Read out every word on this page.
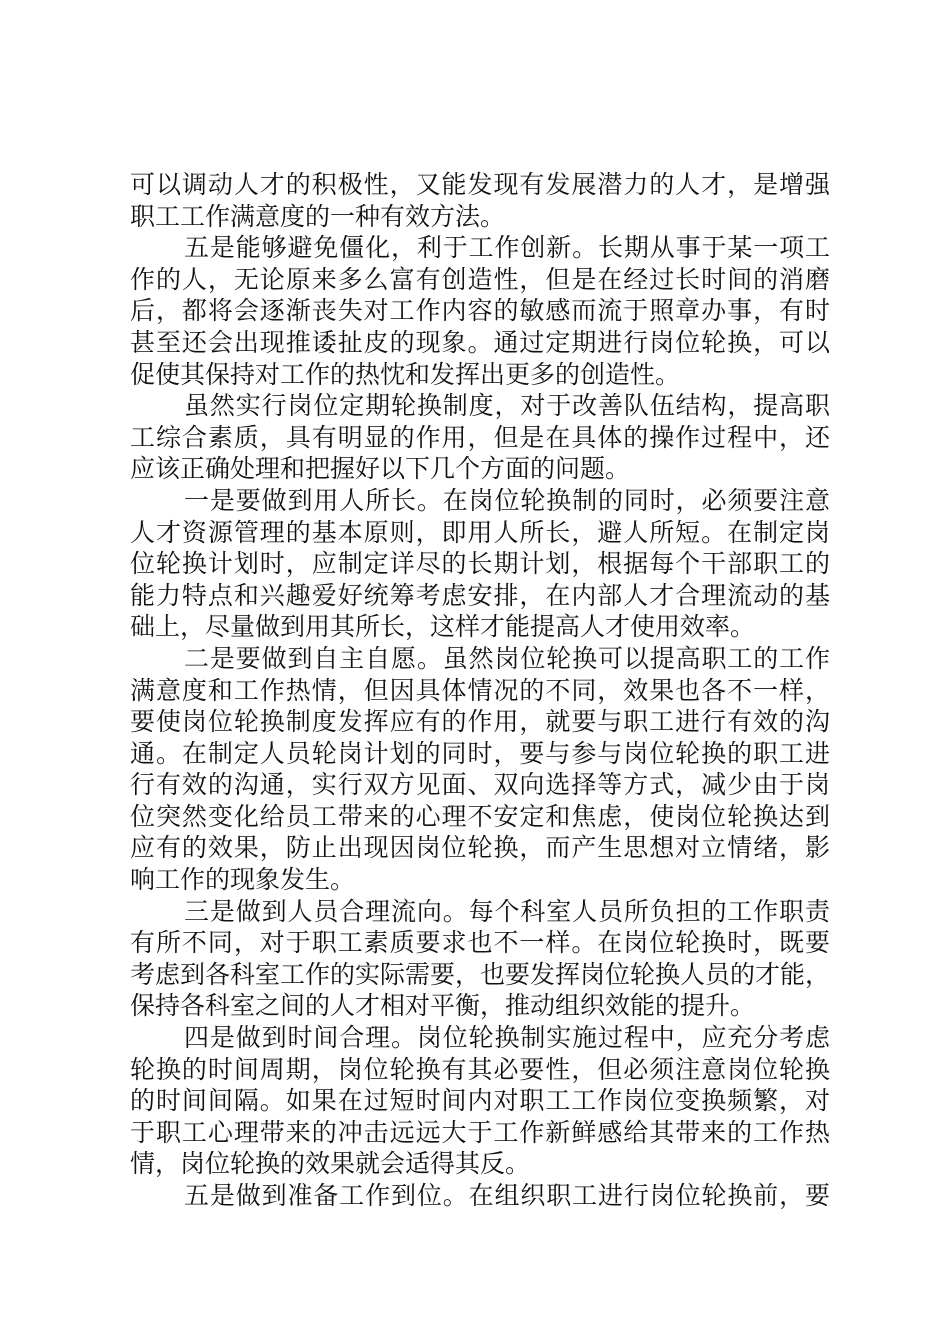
可以调动人才的积极性，又能发现有发展潜力的人才，是增强
职工工作满意度的一种有效方法。
五是能够避免僵化，利于工作创新。长期从事于某一项工
作的人，无论原来多么富有创造性，但是在经过长时间的消磨
后，都将会逐渐丧失对工作内容的敏感而流于照章办事，有时
甚至还会出现推诿扯皮的现象。通过定期进行岗位轮换，可以
促使其保持对工作的热忱和发挥出更多的创造性。
虽然实行岗位定期轮换制度，对于改善队伍结构，提高职
工综合素质，具有明显的作用，但是在具体的操作过程中，还
应该正确处理和把握好以下几个方面的问题。
一是要做到用人所长。在岗位轮换制的同时，必须要注意
人才资源管理的基本原则，即用人所长，避人所短。在制定岗
位轮换计划时，应制定详尽的长期计划，根据每个干部职工的
能力特点和兴趣爱好统筹考虑安排，在内部人才合理流动的基
础上，尽量做到用其所长，这样才能提高人才使用效率。
二是要做到自主自愿。虽然岗位轮换可以提高职工的工作
满意度和工作热情，但因具体情况的不同，效果也各不一样，
要使岗位轮换制度发挥应有的作用，就要与职工进行有效的沟
通。在制定人员轮岗计划的同时，要与参与岗位轮换的职工进
行有效的沟通，实行双方见面、双向选择等方式，减少由于岗
位突然变化给员工带来的心理不安定和焦虑，使岗位轮换达到
应有的效果，防止出现因岗位轮换，而产生思想对立情绪，影
响工作的现象发生。
三是做到人员合理流向。每个科室人员所负担的工作职责
有所不同，对于职工素质要求也不一样。在岗位轮换时，既要
考虑到各科室工作的实际需要，也要发挥岗位轮换人员的才能，
保持各科室之间的人才相对平衡，推动组织效能的提升。
四是做到时间合理。岗位轮换制实施过程中，应充分考虑
轮换的时间周期，岗位轮换有其必要性，但必须注意岗位轮换
的时间间隔。如果在过短时间内对职工工作岗位变换频繁，对
于职工心理带来的冲击远远大于工作新鲜感给其带来的工作热
情，岗位轮换的效果就会适得其反。
五是做到准备工作到位。在组织职工进行岗位轮换前，要
